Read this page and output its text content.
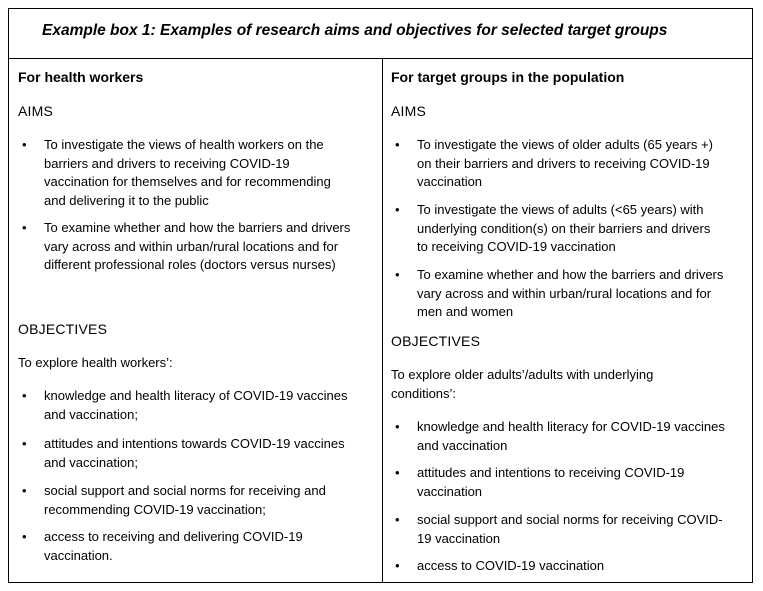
Example box 1: Examples of research aims and objectives for selected target groups
For health workers
AIMS
•	To investigate the views of health workers on the
barriers and drivers to receiving COVID-19
vaccination for themselves and for recommending
and delivering it to the public
•	To examine whether and how the barriers and drivers
vary across and within urban/rural locations and for
different professional roles (doctors versus nurses)
OBJECTIVES
To explore health workers’:
•	knowledge and health literacy of COVID-19 vaccines
and vaccination;
•	attitudes and intentions towards COVID-19 vaccines
and vaccination;
•	social support and social norms for receiving and
recommending COVID-19 vaccination;
•	access to receiving and delivering COVID-19
vaccination.
For target groups in the population
AIMS
•	To investigate the views of older adults (65 years +)
on their barriers and drivers to receiving COVID-19
vaccination
•	To investigate the views of adults (<65 years) with
underlying condition(s) on their barriers and drivers
to receiving COVID-19 vaccination
•	To examine whether and how the barriers and drivers
vary across and within urban/rural locations and for
men and women
OBJECTIVES
To explore older adults’/adults with underlying
conditions’:
•	knowledge and health literacy for COVID-19 vaccines
and vaccination
•	attitudes and intentions to receiving COVID-19
vaccination
•	social support and social norms for receiving COVID-
19 vaccination
•	access to COVID-19 vaccination
